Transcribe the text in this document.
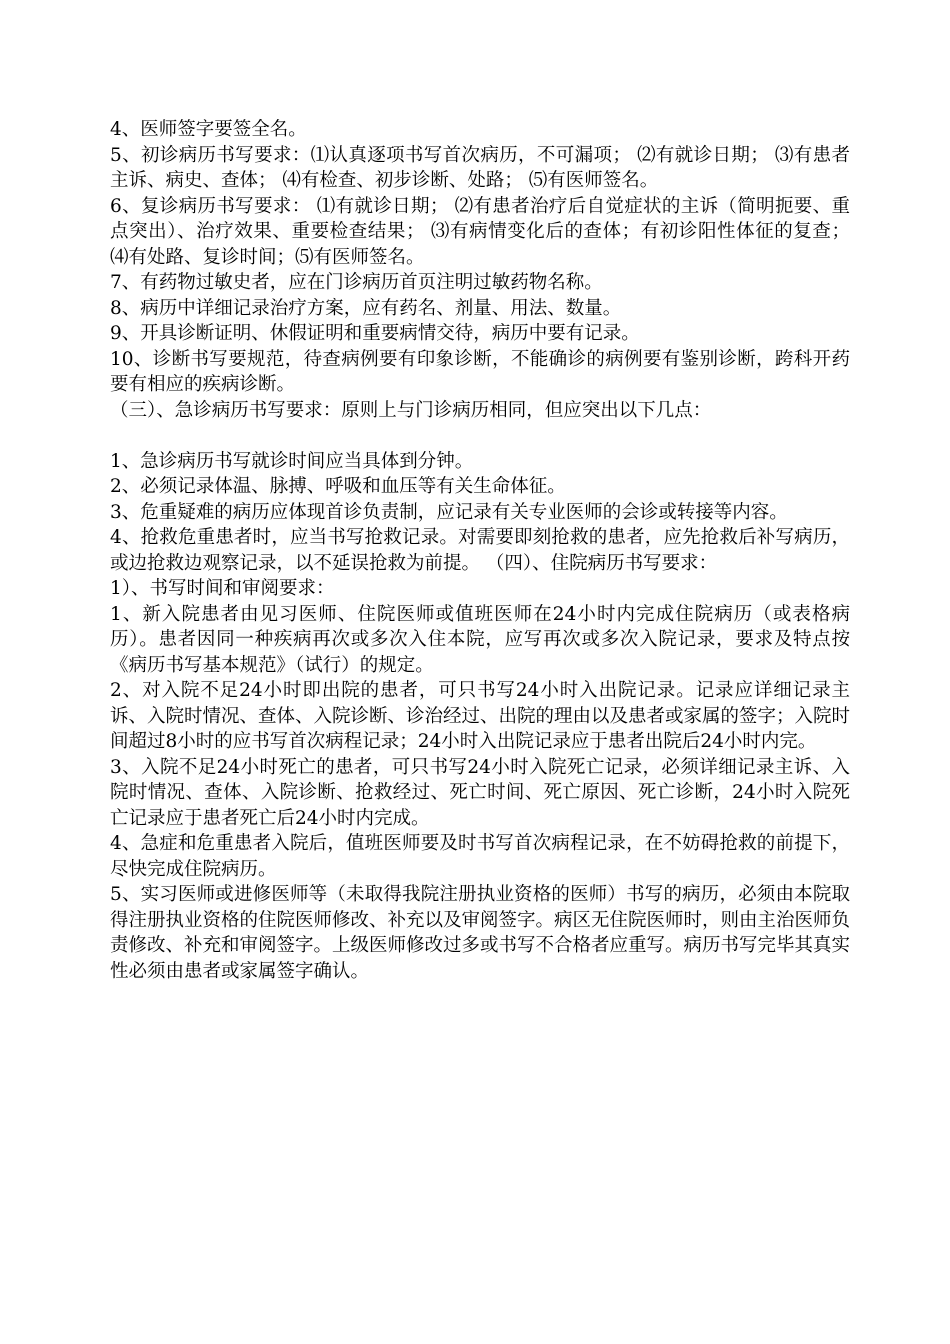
4、医师签字要签全名。

5、初诊病历书写要求：⑴认真逐项书写首次病历，不可漏项； ⑵有就诊日期； ⑶有患者主诉、病史、查体； ⑷有检查、初步诊断、处路； ⑸有医师签名。

6、复诊病历书写要求： ⑴有就诊日期； ⑵有患者治疗后自觉症状的主诉（简明扼要、重点突出）、治疗效果、重要检查结果； ⑶有病情变化后的查体；有初诊阳性体征的复查； ⑷有处路、复诊时间；⑸有医师签名。

7、有药物过敏史者，应在门诊病历首页注明过敏药物名称。

8、病历中详细记录治疗方案，应有药名、剂量、用法、数量。

9、开具诊断证明、休假证明和重要病情交待，病历中要有记录。

10、诊断书写要规范，待查病例要有印象诊断，不能确诊的病例要有鉴别诊断，跨科开药要有相应的疾病诊断。

（三）、急诊病历书写要求：原则上与门诊病历相同，但应突出以下几点：

1、急诊病历书写就诊时间应当具体到分钟。

2、必须记录体温、脉搏、呼吸和血压等有关生命体征。

3、危重疑难的病历应体现首诊负责制，应记录有关专业医师的会诊或转接等内容。

4、抢救危重患者时，应当书写抢救记录。对需要即刻抢救的患者，应先抢救后补写病历，或边抢救边观察记录，以不延误抢救为前提。 （四）、住院病历书写要求：

1）、书写时间和审阅要求：

1、新入院患者由见习医师、住院医师或值班医师在24小时内完成住院病历（或表格病历）。患者因同一种疾病再次或多次入住本院，应写再次或多次入院记录，要求及特点按《病历书写基本规范》（试行）的规定。

2、对入院不足24小时即出院的患者，可只书写24小时入出院记录。记录应详细记录主诉、入院时情况、查体、入院诊断、诊治经过、出院的理由以及患者或家属的签字；入院时间超过8小时的应书写首次病程记录；24小时入出院记录应于患者出院后24小时内完。

3、入院不足24小时死亡的患者，可只书写24小时入院死亡记录，必须详细记录主诉、入院时情况、查体、入院诊断、抢救经过、死亡时间、死亡原因、死亡诊断，24小时入院死亡记录应于患者死亡后24小时内完成。

4、急症和危重患者入院后，值班医师要及时书写首次病程记录，在不妨碍抢救的前提下，尽快完成住院病历。

5、实习医师或进修医师等（未取得我院注册执业资格的医师）书写的病历，必须由本院取得注册执业资格的住院医师修改、补充以及审阅签字。病区无住院医师时，则由主治医师负责修改、补充和审阅签字。上级医师修改过多或书写不合格者应重写。病历书写完毕其真实性必须由患者或家属签字确认。
